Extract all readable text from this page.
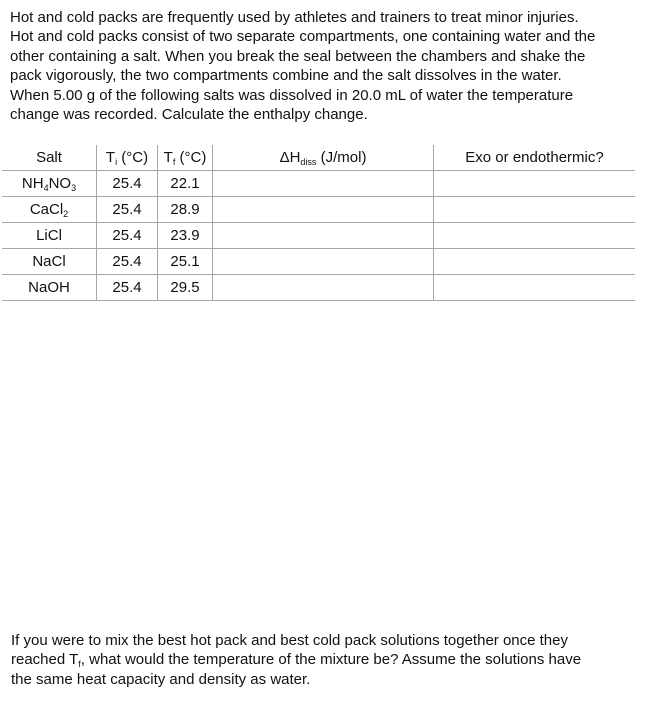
Hot and cold packs are frequently used by athletes and trainers to treat minor injuries.

Hot and cold packs consist of two separate compartments, one containing water and the

other containing a salt. When you break the seal between the chambers and shake the

pack vigorously, the two compartments combine and the salt dissolves in the water.

When 5.00 g of the following salts was dissolved in 20.0 mL of water the temperature

change was recorded. Calculate the enthalpy change.

Salt	$T_i$ (°C)	$T_f$ (°C)	$\Delta H_{diss}$ (J/mol)	Exo or endothermic?
$NH_4NO_3$	25.4	22.1		
CaCl$_2$	25.4	28.9		
LiCl	25.4	23.9		
NaCl	25.4	25.1		
NaOH	25.4	29.5		

If you were to mix the best hot pack and best cold pack solutions together once they
reached $T_f$, what would the temperature of the mixture be? Assume the solutions have
the same heat capacity and density as water.
